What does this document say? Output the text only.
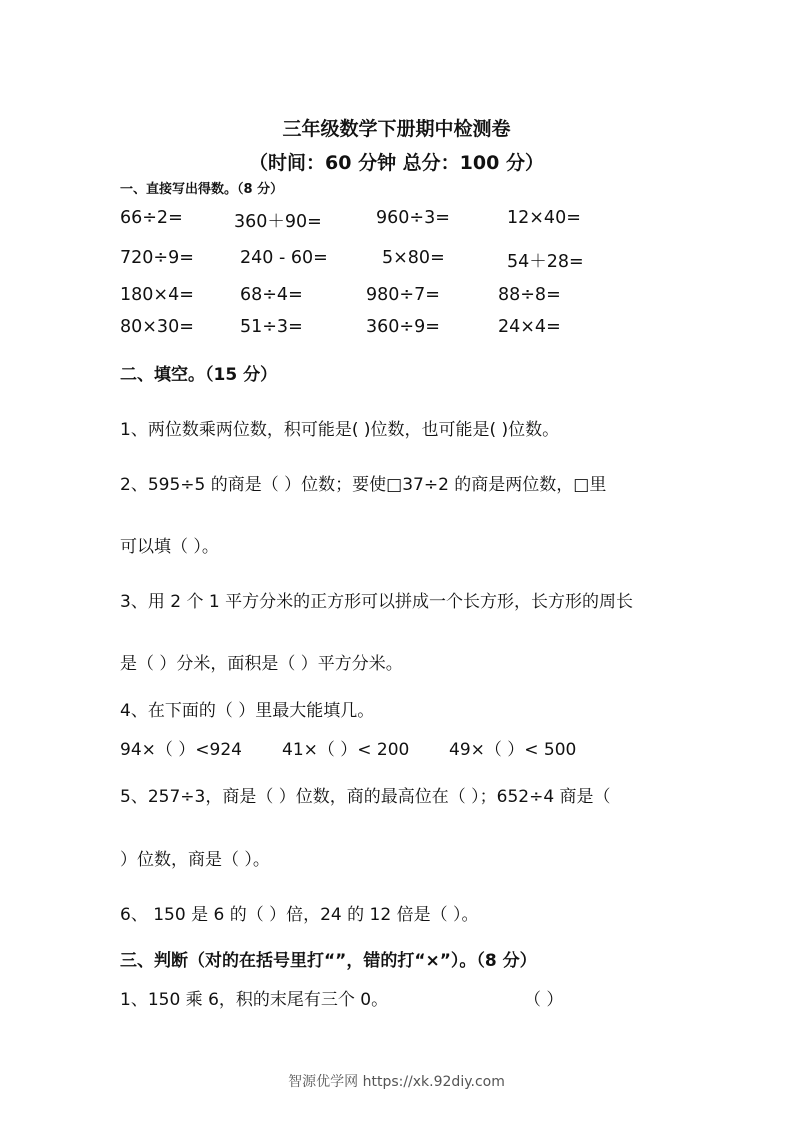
三年级数学下册期中检测卷
（时间：60 分钟 总分：100 分）
一、直接写出得数。（8 分）
66÷2=	360＋90=	960÷3=	12×40=
720÷9=	240 - 60=	5×80=	54＋28=
180×4=	68÷4=	980÷7=	88÷8=
80×30=	51÷3=	360÷9=	24×4=
二、填空。（15 分）
1、两位数乘两位数，积可能是( )位数，也可能是( )位数。
2、595÷5 的商是（ ）位数；要使□37÷2 的商是两位数，□里
可以填（ ）。
3、用 2 个 1 平方分米的正方形可以拼成一个长方形，长方形的周长
是（ ）分米，面积是（ ）平方分米。
4、在下面的（ ）里最大能填几。
94×（ ）<924 41×（ ）< 200 49×（ ）< 500
5、257÷3，商是（ ）位数，商的最高位在（ ）；652÷4 商是（
）位数，商是（ ）。
6、 150 是 6 的（ ）倍，24 的 12 倍是（ ）。
三、判断（对的在括号里打“”，错的打“×”）。（8 分）
1、150 乘 6，积的末尾有三个 0。	（ ）
智源优学网 https://xk.92diy.com
